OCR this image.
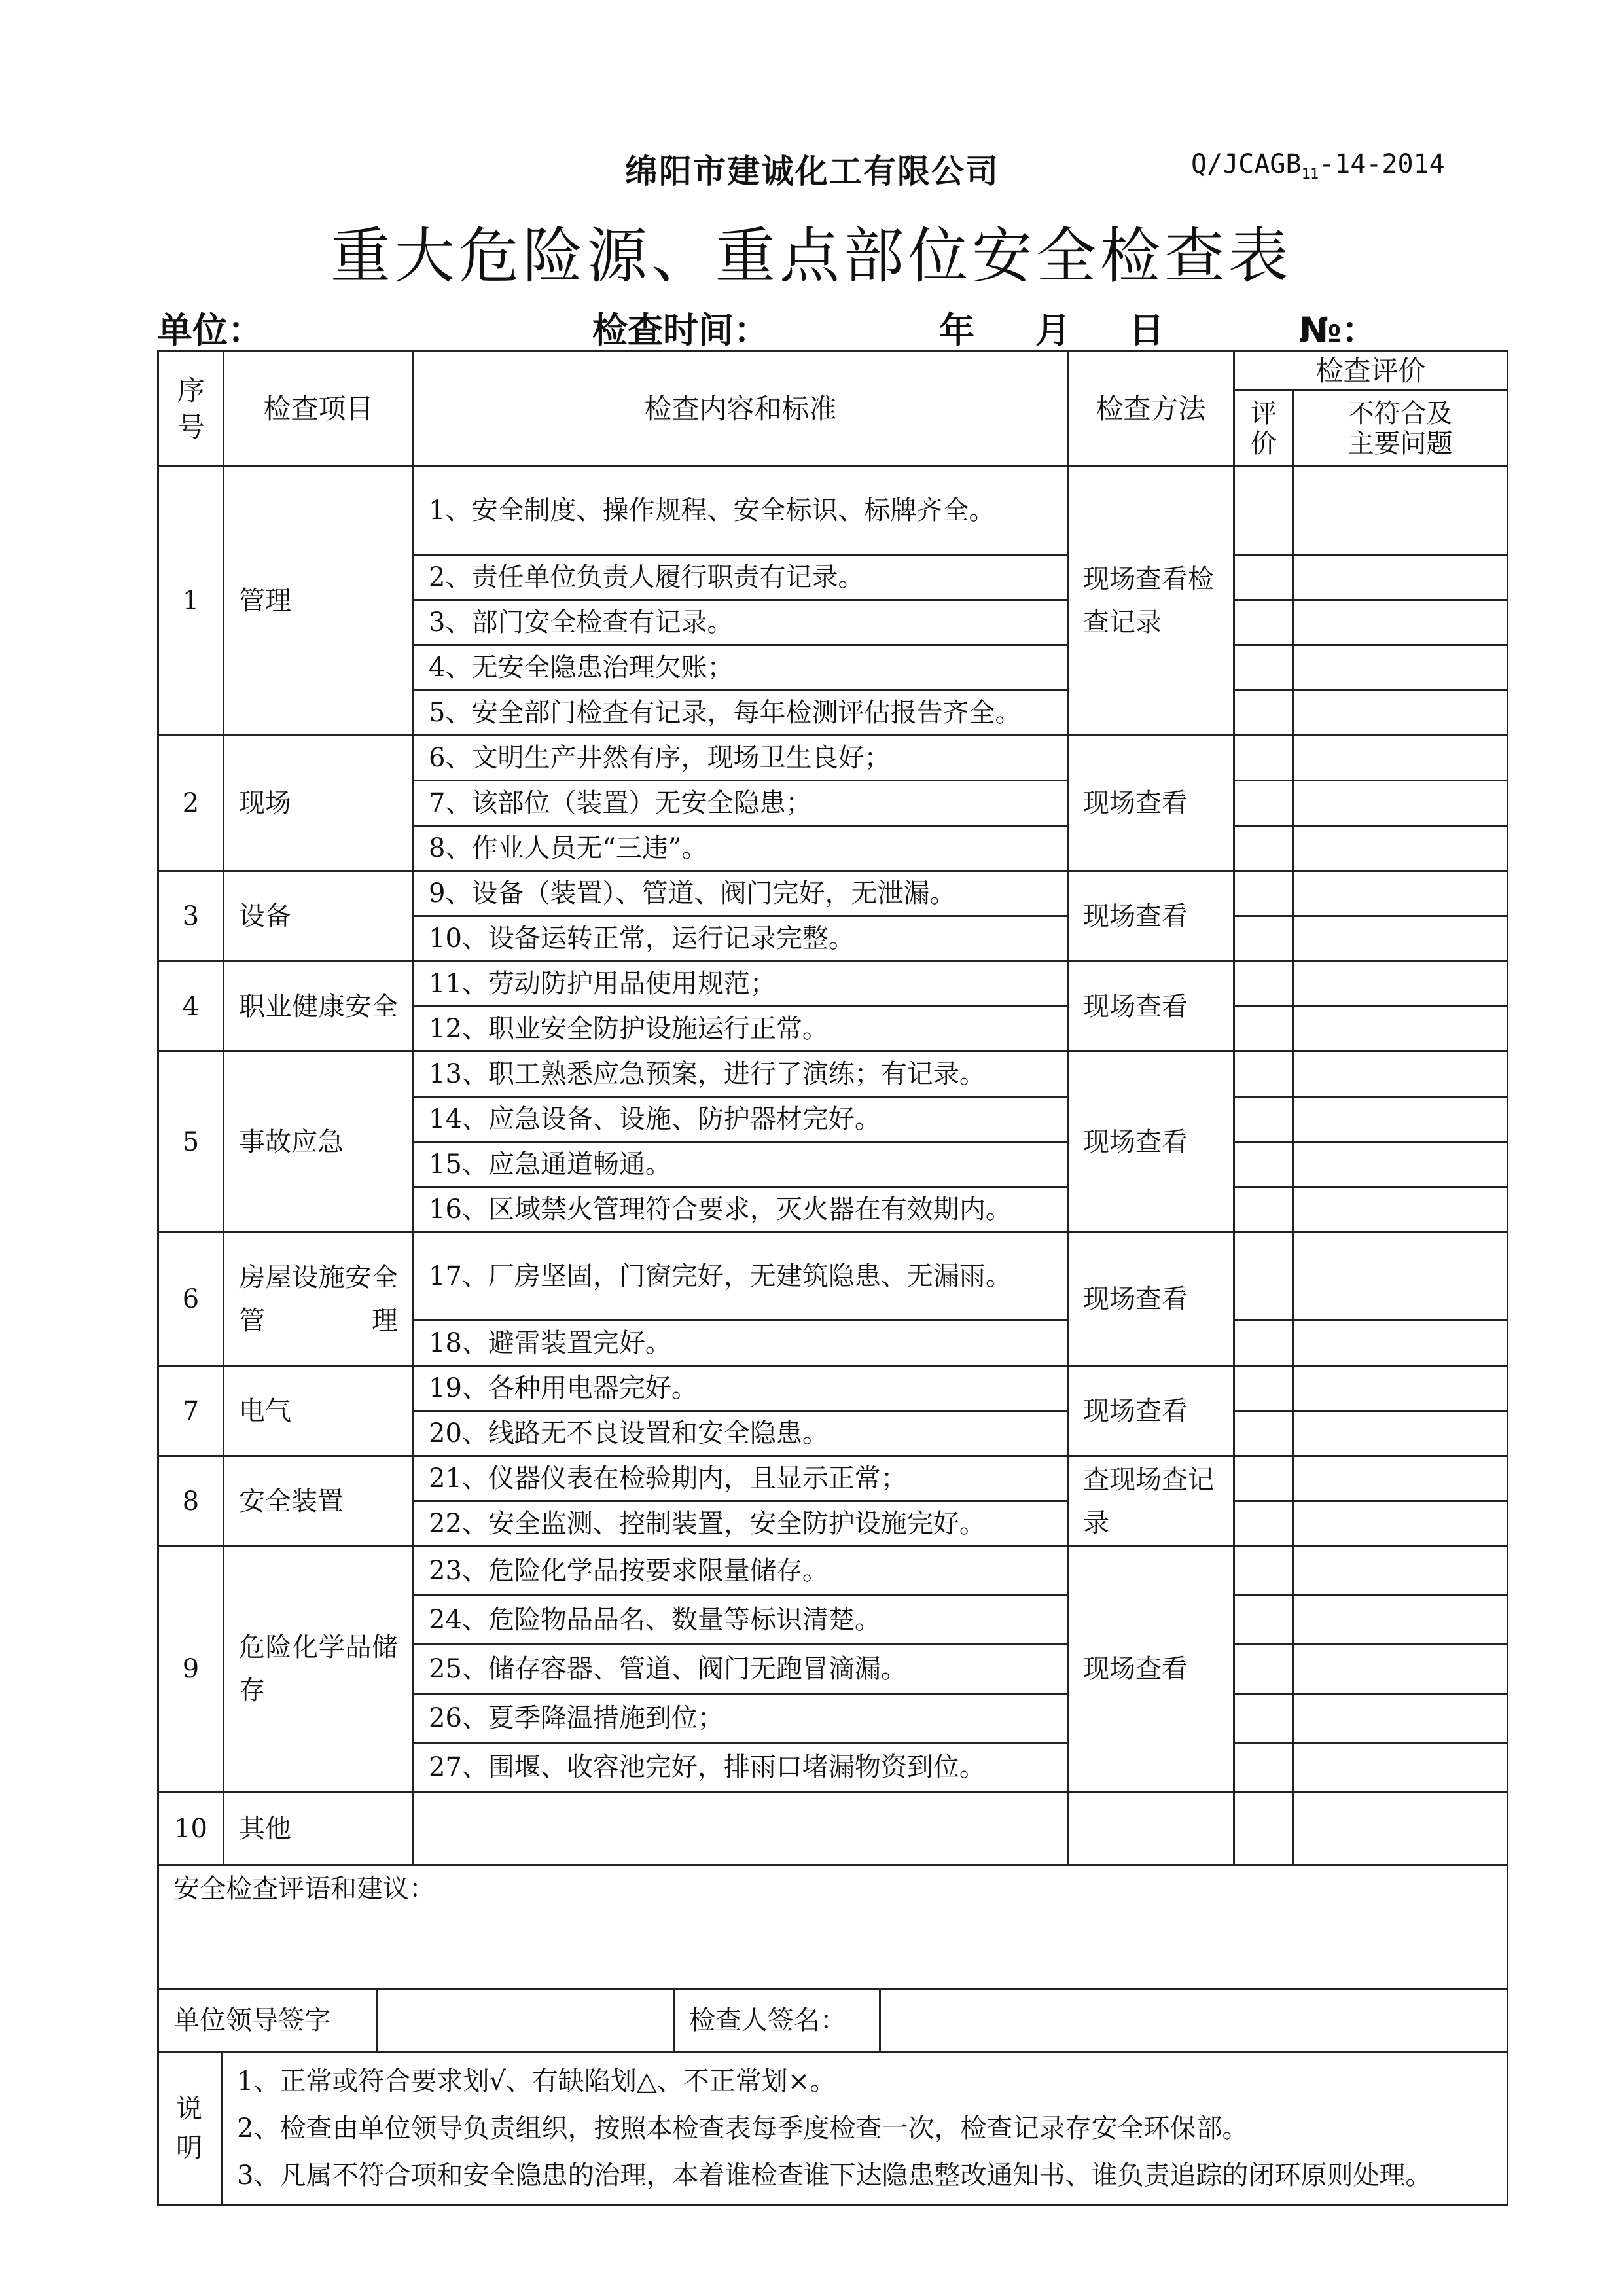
绵阳市建诚化工有限公司	$Q/JCAGB_{11}-14-2014$
重大危险源、重点部位安全检查表
单位：	检查时间：	年 月 日	№：
序号	检查项目	检查内容和标准	检查方法	检查评价	
				评价	不符合及主要问题
1	管理	1、安全制度、操作规程、安全标识、标牌齐全。	现场查看检查记录		
		2、责任单位负责人履行职责有记录。			
		3、部门安全检查有记录。			
		4、无安全隐患治理欠账；			
		5、安全部门检查有记录，每年检测评估报告齐全。			
2	现场	6、文明生产井然有序，现场卫生良好；	现场查看		
		7、该部位（装置）无安全隐患；			
		8、作业人员无“三违”。			
3	设备	9、设备（装置）、管道、阀门完好，无泄漏。	现场查看		
		10、设备运转正常，运行记录完整。			
4	职业健康安全	11、劳动防护用品使用规范；	现场查看		
		12、职业安全防护设施运行正常。			
5	事故应急	13、职工熟悉应急预案，进行了演练；有记录。	现场查看		
		14、应急设备、设施、防护器材完好。			
		15、应急通道畅通。			
		16、区域禁火管理符合要求，灭火器在有效期内。			
6	房屋设施安全管理	17、厂房坚固，门窗完好，无建筑隐患、无漏雨。	现场查看		
		18、避雷装置完好。			
7	电气	19、各种用电器完好。	现场查看		
		20、线路无不良设置和安全隐患。			
8	安全装置	21、仪器仪表在检验期内，且显示正常；	查现场查记录		
		22、安全监测、控制装置，安全防护设施完好。			
9	危险化学品储存	23、危险化学品按要求限量储存。	现场查看		
		24、危险物品品名、数量等标识清楚。			
		25、储存容器、管道、阀门无跑冒滴漏。			
		26、夏季降温措施到位；			
		27、围堰、收容池完好，排雨口堵漏物资到位。			
10	其他				
安全检查评语和建议：					

单位领导签字 检查人签名：					

说明
1、正常或符合要求划√、有缺陷划△、不正常划×。
2、检查由单位领导负责组织，按照本检查表每季度检查一次，检查记录存安全环保部。
3、凡属不符合项和安全隐患的治理，本着谁检查谁下达隐患整改通知书、谁负责追踪的闭环原则处理。					
